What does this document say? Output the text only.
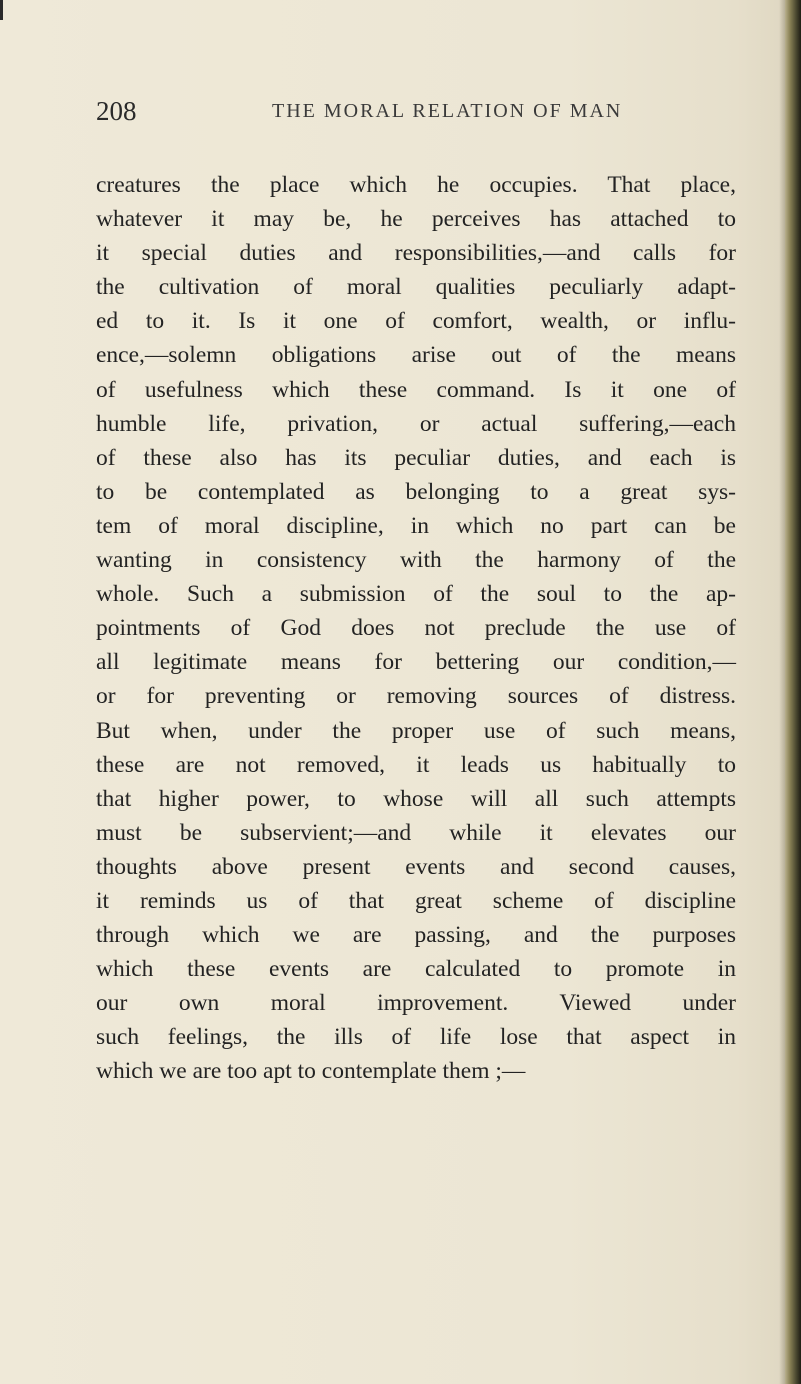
208	THE MORAL RELATION OF MAN
creatures the place which he occupies. That place,
whatever it may be, he perceives has attached to
it special duties and responsibilities,—and calls for
the cultivation of moral qualities peculiarly adapt-
ed to it. Is it one of comfort, wealth, or influ-
ence,—solemn obligations arise out of the means
of usefulness which these command. Is it one of
humble life, privation, or actual suffering,—each
of these also has its peculiar duties, and each is
to be contemplated as belonging to a great sys-
tem of moral discipline, in which no part can be
wanting in consistency with the harmony of the
whole. Such a submission of the soul to the ap-
pointments of God does not preclude the use of
all legitimate means for bettering our condition,—
or for preventing or removing sources of distress.
But when, under the proper use of such means,
these are not removed, it leads us habitually to
that higher power, to whose will all such attempts
must be subservient;—and while it elevates our
thoughts above present events and second causes,
it reminds us of that great scheme of discipline
through which we are passing, and the purposes
which these events are calculated to promote in
our own moral improvement. Viewed under
such feelings, the ills of life lose that aspect in
which we are too apt to contemplate them ;—
